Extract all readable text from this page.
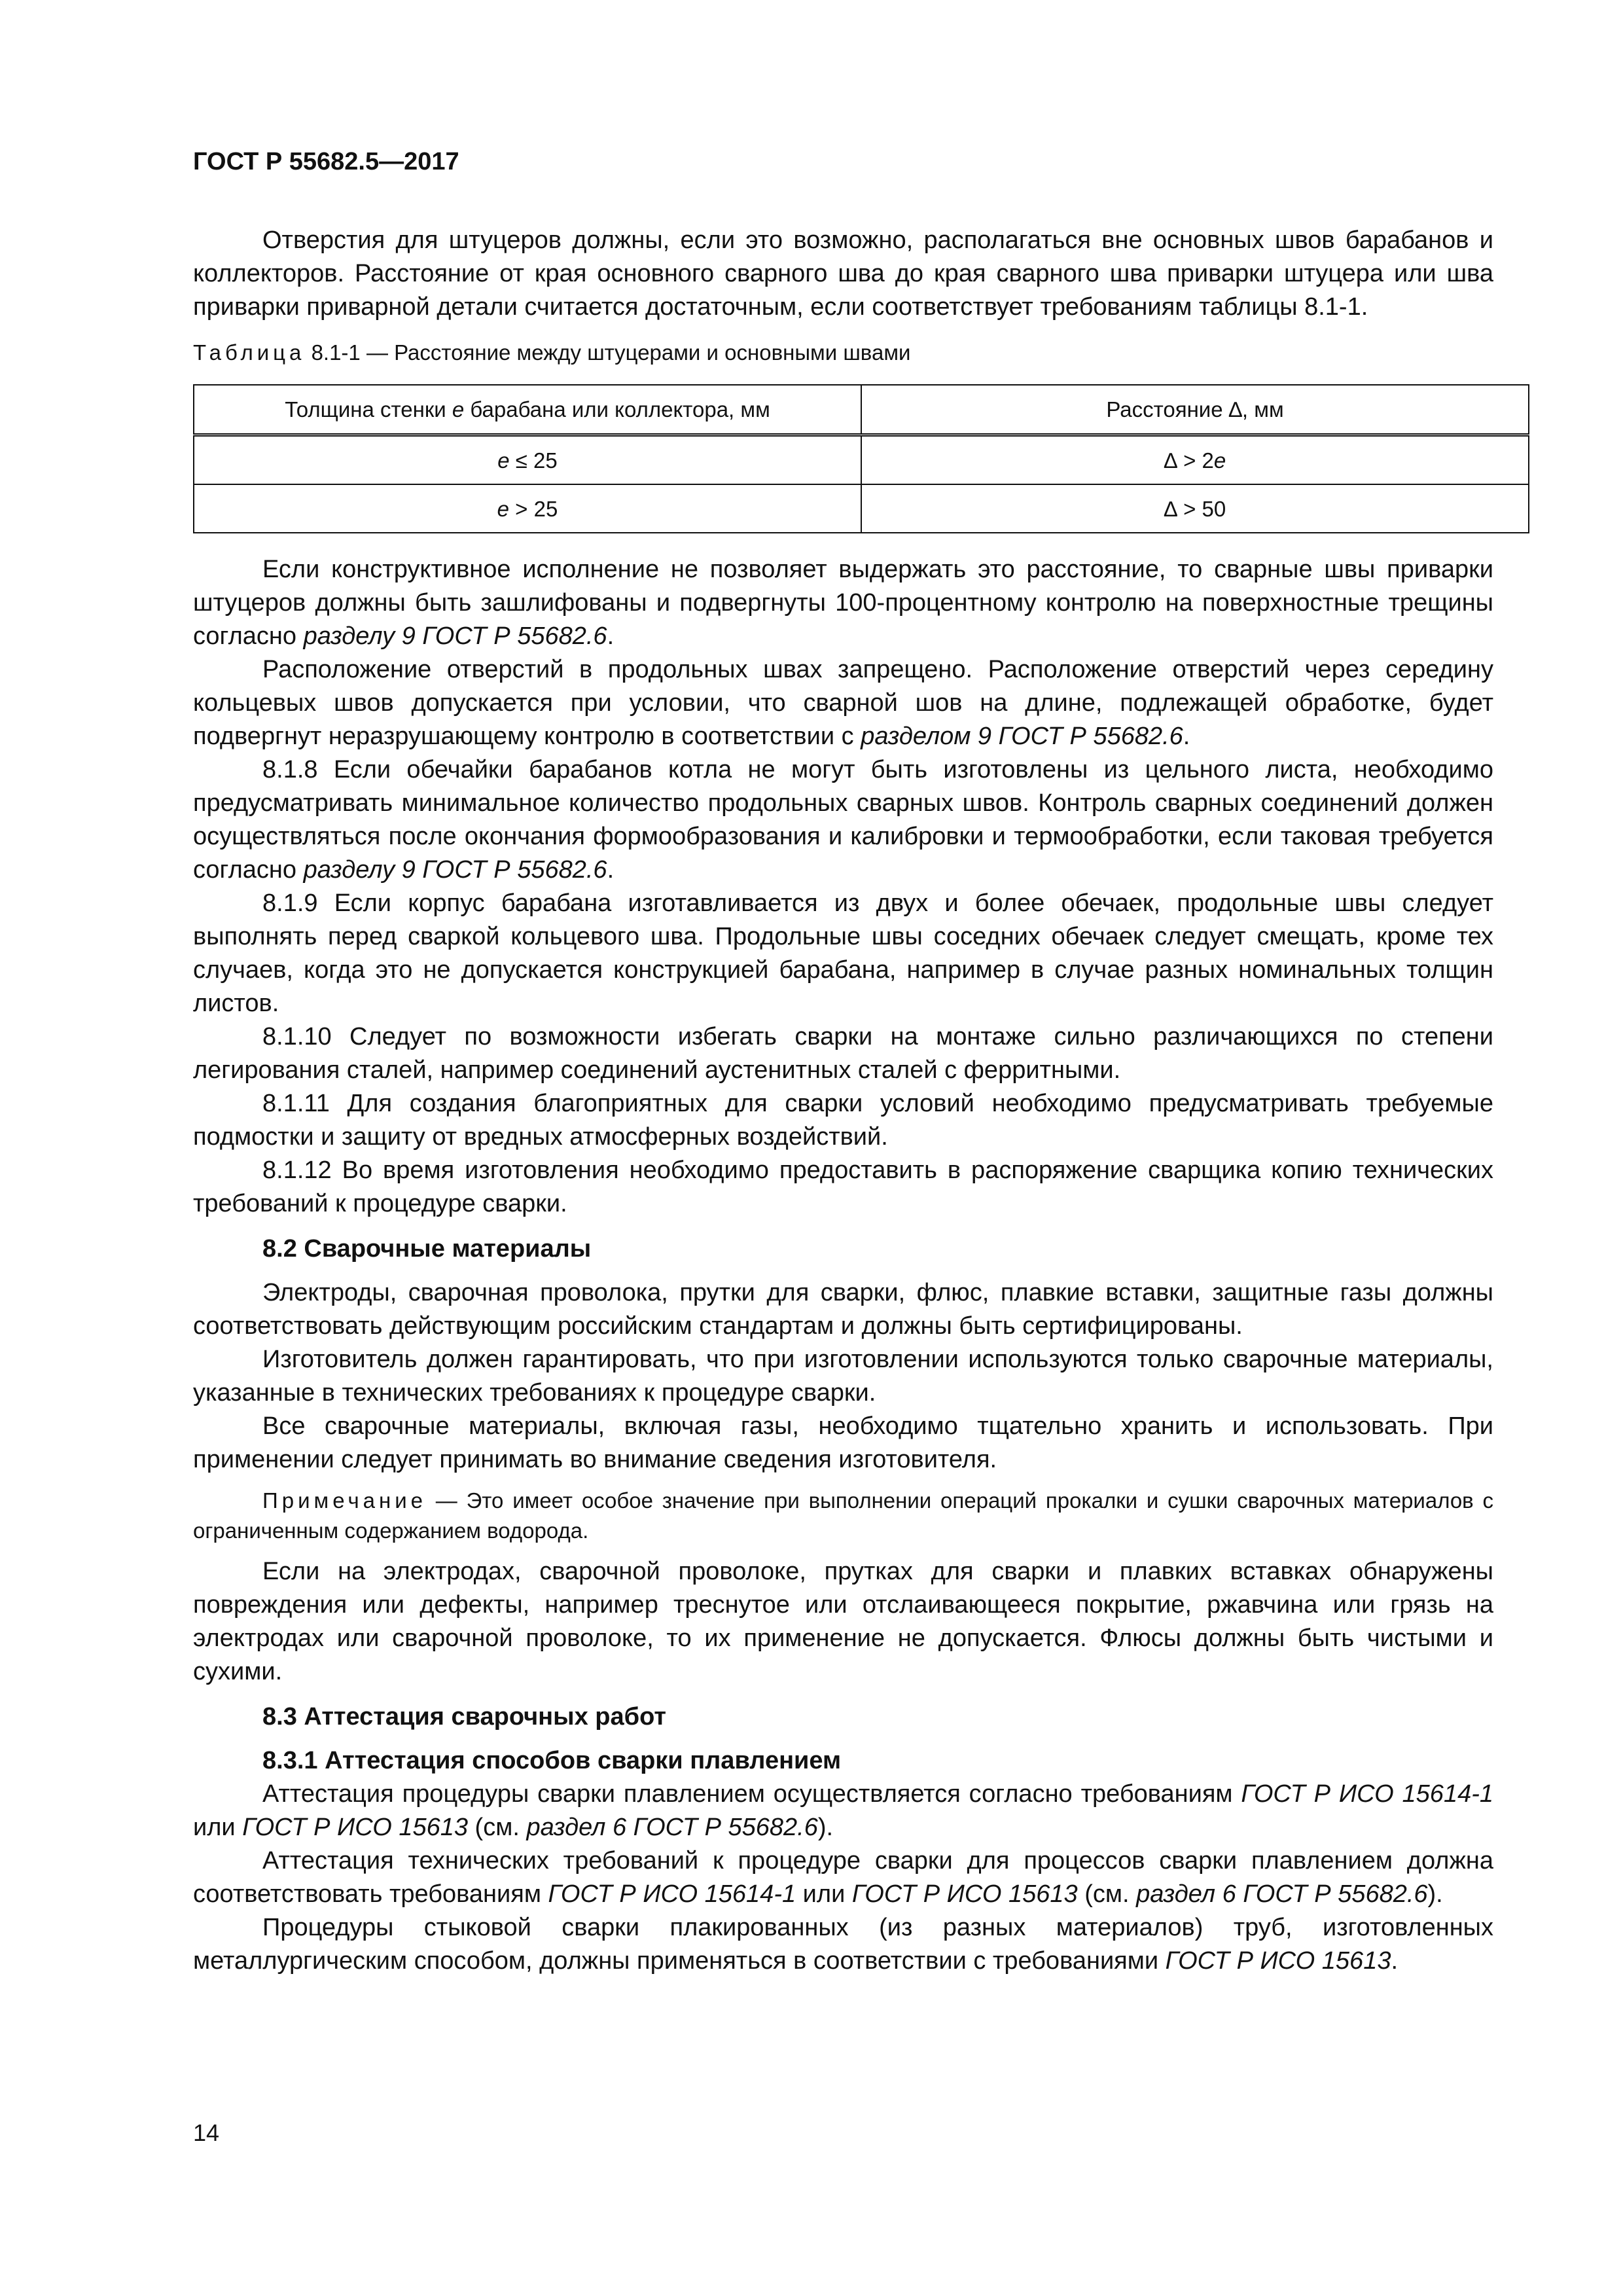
ГОСТ Р 55682.5—2017

Отверстия для штуцеров должны, если это возможно, располагаться вне основных швов барабанов и коллекторов. Расстояние от края основного сварного шва до края сварного шва приварки штуцера или шва приварки приварной детали считается достаточным, если соответствует требованиям таблицы 8.1-1.

Таблица 8.1-1 — Расстояние между штуцерами и основными швами

Толщина стенки e барабана или коллектора, мм	Расстояние ∆, мм
e ≤ 25	∆ > 2e
e > 25	∆ > 50

Если конструктивное исполнение не позволяет выдержать это расстояние, то сварные швы приварки штуцеров должны быть зашлифованы и подвергнуты 100-процентному контролю на поверхностные трещины согласно разделу 9 ГОСТ Р 55682.6.

Расположение отверстий в продольных швах запрещено. Расположение отверстий через середину кольцевых швов допускается при условии, что сварной шов на длине, подлежащей обработке, будет подвергнут неразрушающему контролю в соответствии с разделом 9 ГОСТ Р 55682.6.

8.1.8 Если обечайки барабанов котла не могут быть изготовлены из цельного листа, необходимо предусматривать минимальное количество продольных сварных швов. Контроль сварных соединений должен осуществляться после окончания формообразования и калибровки и термообработки, если таковая требуется согласно разделу 9 ГОСТ Р 55682.6.

8.1.9 Если корпус барабана изготавливается из двух и более обечаек, продольные швы следует выполнять перед сваркой кольцевого шва. Продольные швы соседних обечаек следует смещать, кроме тех случаев, когда это не допускается конструкцией барабана, например в случае разных номинальных толщин листов.

8.1.10 Следует по возможности избегать сварки на монтаже сильно различающихся по степени легирования сталей, например соединений аустенитных сталей с ферритными.

8.1.11 Для создания благоприятных для сварки условий необходимо предусматривать требуемые подмостки и защиту от вредных атмосферных воздействий.

8.1.12 Во время изготовления необходимо предоставить в распоряжение сварщика копию технических требований к процедуре сварки.

8.2 Сварочные материалы

Электроды, сварочная проволока, прутки для сварки, флюс, плавкие вставки, защитные газы должны соответствовать действующим российским стандартам и должны быть сертифицированы.

Изготовитель должен гарантировать, что при изготовлении используются только сварочные материалы, указанные в технических требованиях к процедуре сварки.

Все сварочные материалы, включая газы, необходимо тщательно хранить и использовать. При применении следует принимать во внимание сведения изготовителя.

Примечание — Это имеет особое значение при выполнении операций прокалки и сушки сварочных материалов с ограниченным содержанием водорода.

Если на электродах, сварочной проволоке, прутках для сварки и плавких вставках обнаружены повреждения или дефекты, например треснутое или отслаивающееся покрытие, ржавчина или грязь на электродах или сварочной проволоке, то их применение не допускается. Флюсы должны быть чистыми и сухими.

8.3 Аттестация сварочных работ

8.3.1 Аттестация способов сварки плавлением

Аттестация процедуры сварки плавлением осуществляется согласно требованиям ГОСТ Р ИСО 15614-1 или ГОСТ Р ИСО 15613 (см. раздел 6 ГОСТ Р 55682.6).

Аттестация технических требований к процедуре сварки для процессов сварки плавлением должна соответствовать требованиям ГОСТ Р ИСО 15614-1 или ГОСТ Р ИСО 15613 (см. раздел 6 ГОСТ Р 55682.6).

Процедуры стыковой сварки плакированных (из разных материалов) труб, изготовленных металлургическим способом, должны применяться в соответствии с требованиями ГОСТ Р ИСО 15613.

14
